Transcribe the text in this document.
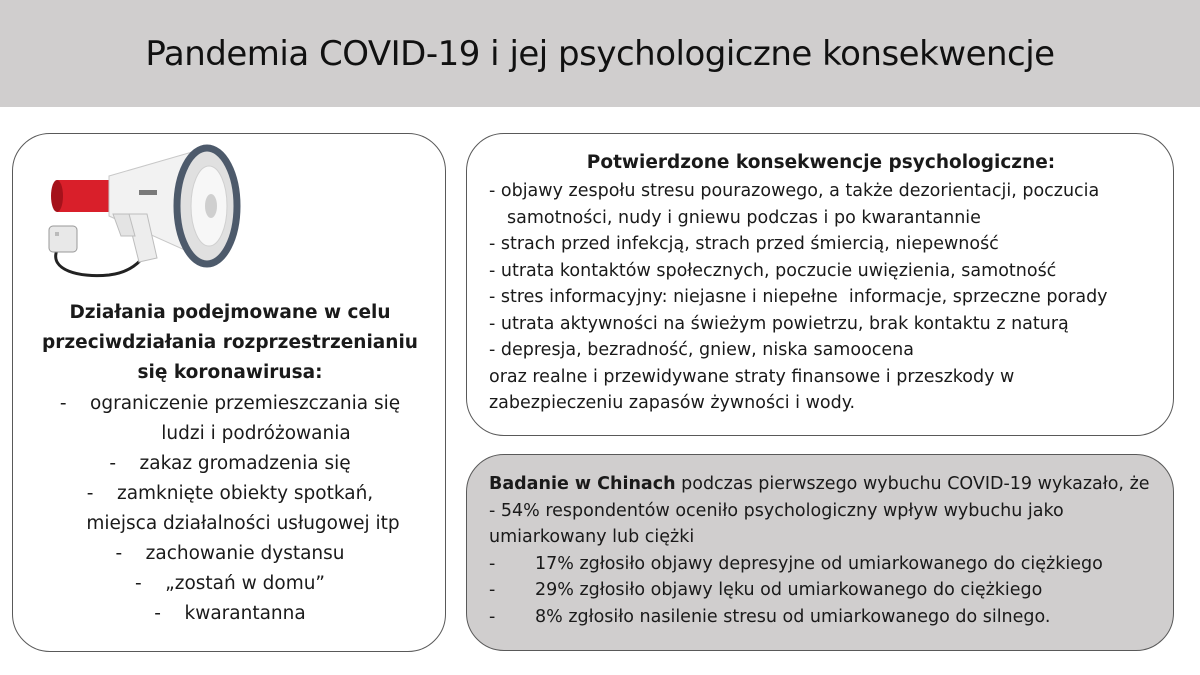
Pandemia COVID-19 i jej psychologiczne konsekwencje
Działania podejmowane w celu
przeciwdziałania rozprzestrzenianiu
się koronawirusa:
-    ograniczenie przemieszczania się
ludzi i podróżowania
-    zakaz gromadzenia się
-    zamknięte obiekty spotkań,
miejsca działalności usługowej itp
-    zachowanie dystansu
-    „zostań w domu”
-    kwarantanna
Potwierdzone konsekwencje psychologiczne:
- objawy zespołu stresu pourazowego, a także dezorientacji, poczucia
samotności, nudy i gniewu podczas i po kwarantannie
- strach przed infekcją, strach przed śmiercią, niepewność
- utrata kontaktów społecznych, poczucie uwięzienia, samotność
- stres informacyjny: niejasne i niepełne  informacje, sprzeczne porady
- utrata aktywności na świeżym powietrzu, brak kontaktu z naturą
- depresja, bezradność, gniew, niska samoocena
oraz realne i przewidywane straty finansowe i przeszkody w
zabezpieczeniu zapasów żywności i wody.

Badanie w Chinach podczas pierwszego wybuchu COVID-19 wykazało, że

- 54% respondentów oceniło psychologiczny wpływ wybuchu jako

umiarkowany lub ciężki

-	17% zgłosiło objawy depresyjne od umiarkowanego do ciężkiego
-	29% zgłosiło objawy lęku od umiarkowanego do ciężkiego
-	8% zgłosiło nasilenie stresu od umiarkowanego do silnego.
